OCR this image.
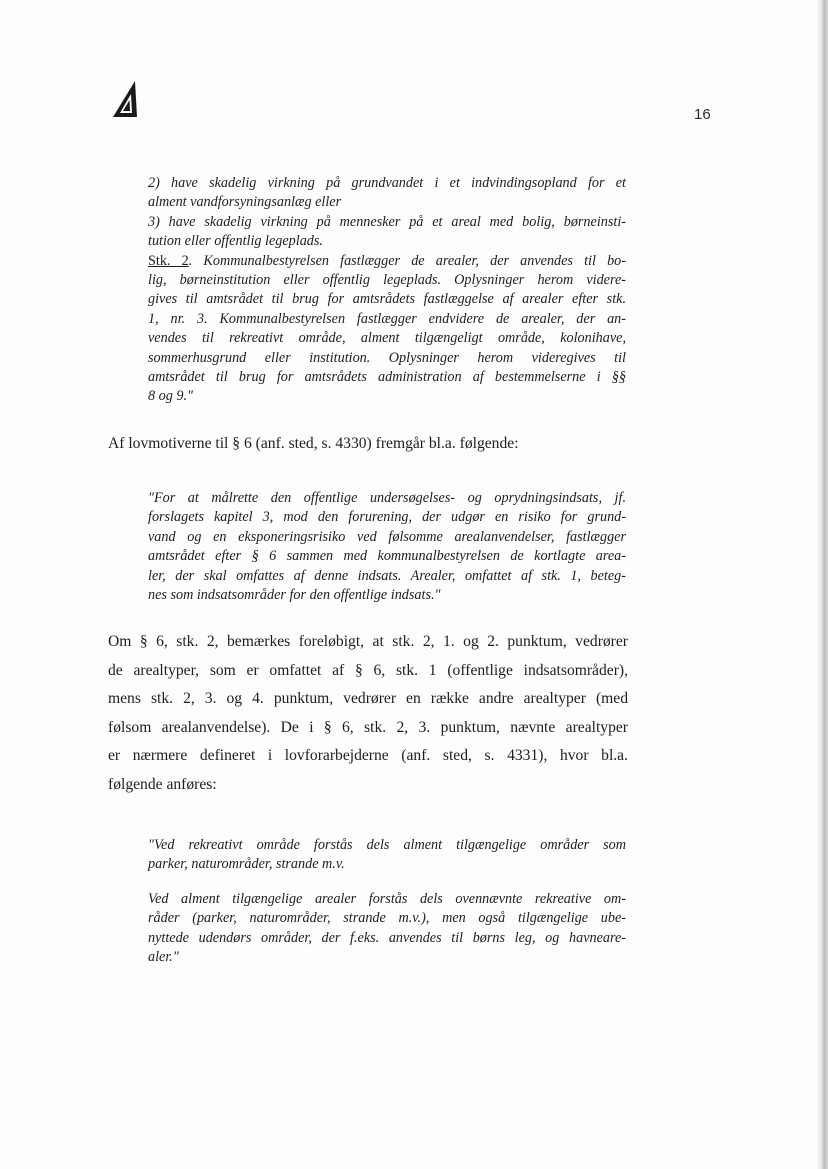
16
2) have skadelig virkning på grundvandet i et indvindingsopland for et
alment vandforsyningsanlæg eller
3) have skadelig virkning på mennesker på et areal med bolig, børneinsti-
tution eller offentlig legeplads.
Stk. 2. Kommunalbestyrelsen fastlægger de arealer, der anvendes til bo-
lig, børneinstitution eller offentlig legeplads. Oplysninger herom videre-
gives til amtsrådet til brug for amtsrådets fastlæggelse af arealer efter stk.
1, nr. 3. Kommunalbestyrelsen fastlægger endvidere de arealer, der an-
vendes til rekreativt område, alment tilgængeligt område, kolonihave,
sommerhusgrund eller institution. Oplysninger herom videregives til
amtsrådet til brug for amtsrådets administration af bestemmelserne i §§
8 og 9."
Af lovmotiverne til § 6 (anf. sted, s. 4330) fremgår bl.a. følgende:
"For at målrette den offentlige undersøgelses- og oprydningsindsats, jf.
forslagets kapitel 3, mod den forurening, der udgør en risiko for grund-
vand og en eksponeringsrisiko ved følsomme arealanvendelser, fastlægger
amtsrådet efter § 6 sammen med kommunalbestyrelsen de kortlagte area-
ler, der skal omfattes af denne indsats. Arealer, omfattet af stk. 1, beteg-
nes som indsatsområder for den offentlige indsats."
Om § 6, stk. 2, bemærkes foreløbigt, at stk. 2, 1. og 2. punktum, vedrører
de arealtyper, som er omfattet af § 6, stk. 1 (offentlige indsatsområder),
mens stk. 2, 3. og 4. punktum, vedrører en række andre arealtyper (med
følsom arealanvendelse). De i § 6, stk. 2, 3. punktum, nævnte arealtyper
er nærmere defineret i lovforarbejderne (anf. sted, s. 4331), hvor bl.a.
følgende anføres:
"Ved rekreativt område forstås dels alment tilgængelige områder som
parker, naturområder, strande m.v.
Ved alment tilgængelige arealer forstås dels ovennævnte rekreative om-
råder (parker, naturområder, strande m.v.), men også tilgængelige ube-
nyttede udendørs områder, der f.eks. anvendes til børns leg, og havneare-
aler."
